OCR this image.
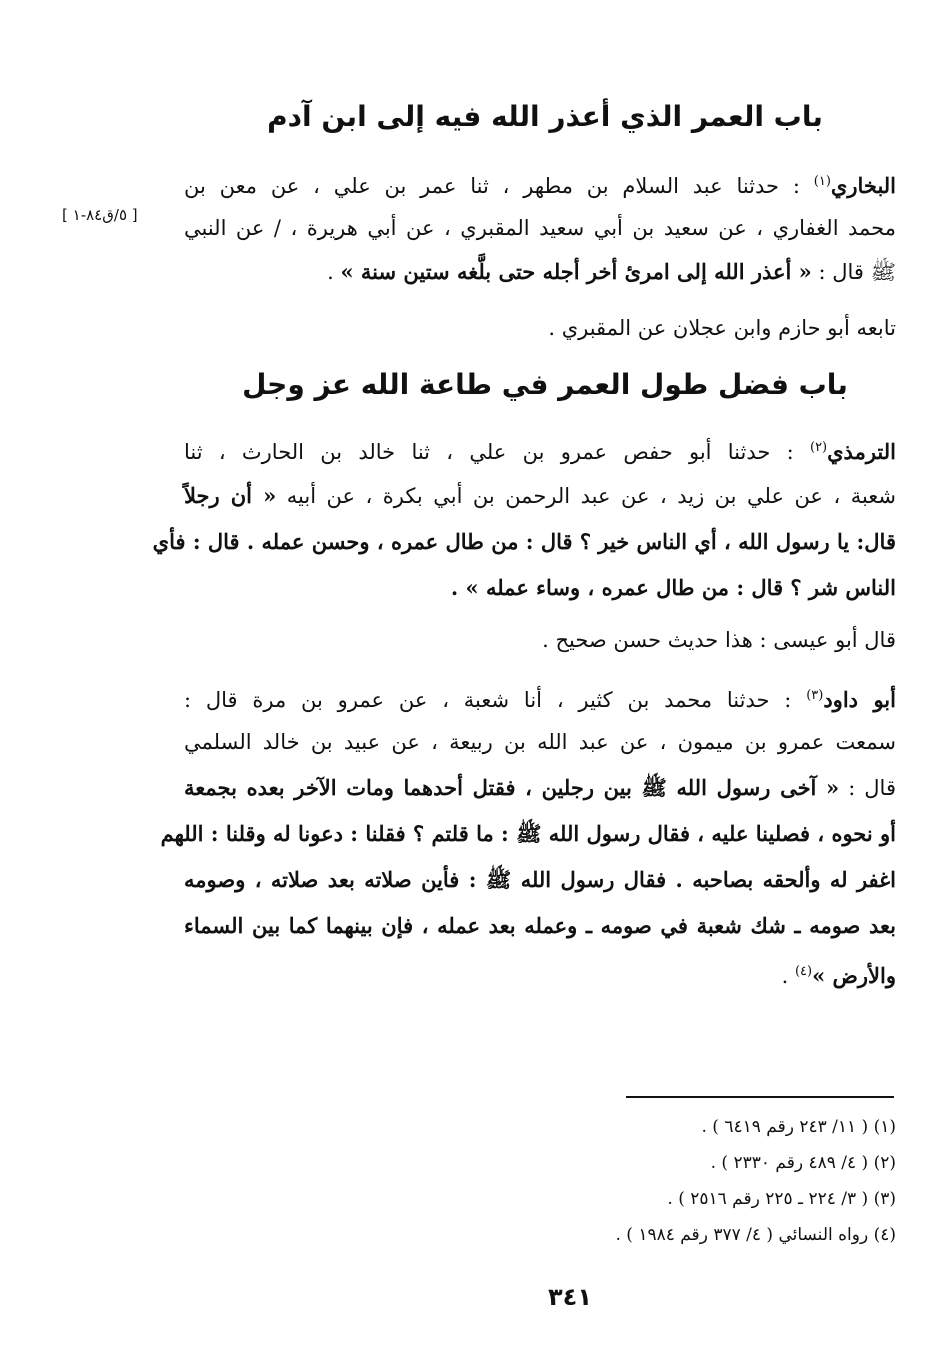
باب العمر الذي أعذر الله فيه إلى ابن آدم
البخاري$^{(١)}$ : حدثنا عبد السلام بن مطهر ، ثنا عمر بن علي ، عن معن بن
محمد الغفاري ، عن سعيد بن أبي سعيد المقبري ، عن أبي هريرة ، / عن النبي
[ ٥/ق٨٤-١ ]
ﷺ قال : « أعذر الله إلى امرئ أخر أجله حتى بلَّغه ستين سنة » .
تابعه أبو حازم وابن عجلان عن المقبري .
باب فضل طول العمر في طاعة الله عز وجل
الترمذي$^{(٢)}$ : حدثنا أبو حفص عمرو بن علي ، ثنا خالد بن الحارث ، ثنا
شعبة ، عن علي بن زيد ، عن عبد الرحمن بن أبي بكرة ، عن أبيه « أن رجلاً
قال: يا رسول الله ، أي الناس خير ؟ قال : من طال عمره ، وحسن عمله . قال : فأي
الناس شر ؟ قال : من طال عمره ، وساء عمله » .
قال أبو عيسى : هذا حديث حسن صحيح .
أبو داود$^{(٣)}$ : حدثنا محمد بن كثير ، أنا شعبة ، عن عمرو بن مرة قال :
سمعت عمرو بن ميمون ، عن عبد الله بن ربيعة ، عن عبيد بن خالد السلمي
قال : « آخى رسول الله ﷺ بين رجلين ، فقتل أحدهما ومات الآخر بعده بجمعة
أو نحوه ، فصلينا عليه ، فقال رسول الله ﷺ : ما قلتم ؟ فقلنا : دعونا له وقلنا : اللهم
اغفر له وألحقه بصاحبه . فقال رسول الله ﷺ : فأين صلاته بعد صلاته ، وصومه
بعد صومه ـ شك شعبة في صومه ـ وعمله بعد عمله ، فإن بينهما كما بين السماء
والأرض »$^{(٤)}$ .
(١) ( ١١/ ٢٤٣ رقم ٦٤١٩ ) .
(٢) ( ٤/ ٤٨٩ رقم ٢٣٣٠ ) .
(٣) ( ٣/ ٢٢٤ ـ ٢٢٥ رقم ٢٥١٦ ) .
(٤) رواه النسائي ( ٤/ ٣٧٧ رقم ١٩٨٤ ) .
٣٤١
